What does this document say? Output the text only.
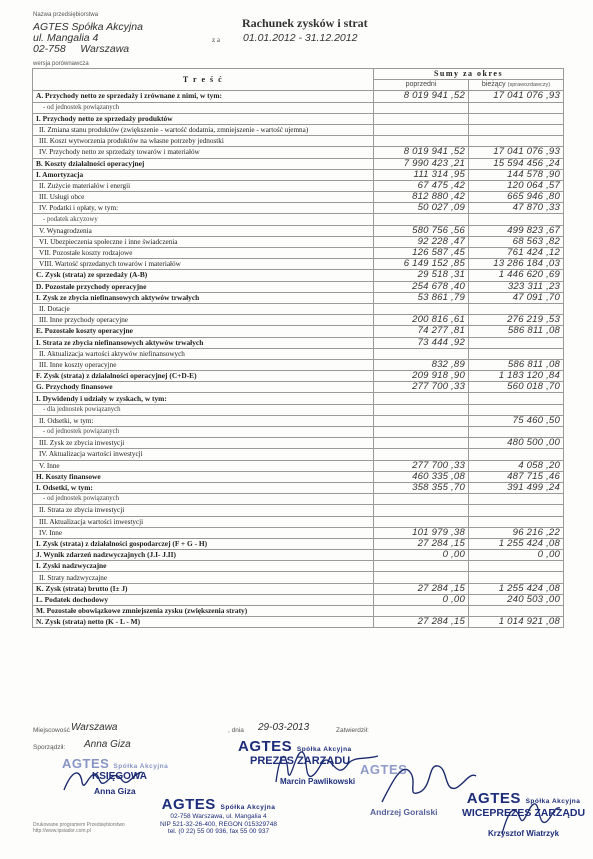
Nazwa przedsiębiorstwa
AGTES Spółka Akcyjna
ul. Mangalia 4
02-758 Warszawa
Rachunek zysków i strat
z a 01.01.2012 - 31.12.2012
wersja porównawcza
T r e ś ć	Sumy za okres	
	poprzedni	bieżący (sprawozdawczy)
A. Przychody netto ze sprzedaży i zrównane z nimi, w tym:	8 019 941 ,52	17 041 076 ,93
- od jednostek powiązanych		
I. Przychody netto ze sprzedaży produktów		
II. Zmiana stanu produktów (zwiększenie - wartość dodatnia, zmniejszenie - wartość ujemna)		
III. Koszt wytworzenia produktów na własne potrzeby jednostki		
IV. Przychody netto ze sprzedaży towarów i materiałów	8 019 941 ,52	17 041 076 ,93
B. Koszty działalności operacyjnej	7 990 423 ,21	15 594 456 ,24
I. Amortyzacja	111 314 ,95	144 578 ,90
II. Zużycie materiałów i energii	67 475 ,42	120 064 ,57
III. Usługi obce	812 880 ,42	665 946 ,80
IV. Podatki i opłaty, w tym:	50 027 ,09	47 870 ,33
- podatek akcyzowy		
V. Wynagrodzenia	580 756 ,56	499 823 ,67
VI. Ubezpieczenia społeczne i inne świadczenia	92 228 ,47	68 563 ,82
VII. Pozostałe koszty rodzajowe	126 587 ,45	761 424 ,12
VIII. Wartość sprzedanych towarów i materiałów	6 149 152 ,85	13 286 184 ,03
C. Zysk (strata) ze sprzedaży (A-B)	29 518 ,31	1 446 620 ,69
D. Pozostałe przychody operacyjne	254 678 ,40	323 311 ,23
I. Zysk ze zbycia niefinansowych aktywów trwałych	53 861 ,79	47 091 ,70
II. Dotacje		
III. Inne przychody operacyjne	200 816 ,61	276 219 ,53
E. Pozostałe koszty operacyjne	74 277 ,81	586 811 ,08
I. Strata ze zbycia niefinansowych aktywów trwałych	73 444 ,92	
II. Aktualizacja wartości aktywów niefinansowych		
III. Inne koszty operacyjne	832 ,89	586 811 ,08
F. Zysk (strata) z działalności operacyjnej (C+D-E)	209 918 ,90	1 183 120 ,84
G. Przychody finansowe	277 700 ,33	560 018 ,70
I. Dywidendy i udziały w zyskach, w tym:		
- dla jednostek powiązanych		
II. Odsetki, w tym:		75 460 ,50
- od jednostek powiązanych		
III. Zysk ze zbycia inwestycji		480 500 ,00
IV. Aktualizacja wartości inwestycji		
V. Inne	277 700 ,33	4 058 ,20
H. Koszty finansowe	460 335 ,08	487 715 ,46
I. Odsetki, w tym:	358 355 ,70	391 499 ,24
- od jednostek powiązanych		
II. Strata ze zbycia inwestycji		
III. Aktualizacja wartości inwestycji		
IV. Inne	101 979 ,38	96 216 ,22
I. Zysk (strata) z działalności gospodarczej (F + G - H)	27 284 ,15	1 255 424 ,08
J. Wynik zdarzeń nadzwyczajnych (J.I- J.II)	0 ,00	0 ,00
I. Zyski nadzwyczajne		
II. Straty nadzwyczajne		
K. Zysk (strata) brutto (I± J)	27 284 ,15	1 255 424 ,08
L. Podatek dochodowy	0 ,00	240 503 ,00
M. Pozostałe obowiązkowe zmniejszenia zysku (zwiększenia straty)		
N. Zysk (strata) netto (K - L - M)	27 284 ,15	1 014 921 ,08
Miejscowość Warszawa	, dnia 29-03-2013	Zatwierdził:
Sporządził: Anna Giza
AGTES Spółka Akcyjna
KSIĘGOWA
Anna Giza
AGTES Spółka Akcyjna
02-758 Warszawa, ul. Mangalia 4
NIP 521-32-26-400, REGON 015329748
tel. (0 22) 55 00 936, fax 55 00 937
AGTES Spółka Akcyjna
PREZES ZARZĄDU
Marcin Pawlikowski
AGTES
Andrzej Goralski
AGTES Spółka Akcyjna
WICEPREZES ZARZĄDU
Krzysztof Wiatrzyk
Drukowane programem Przedsiębiorstwo
http://www.ipsiador.com.pl
